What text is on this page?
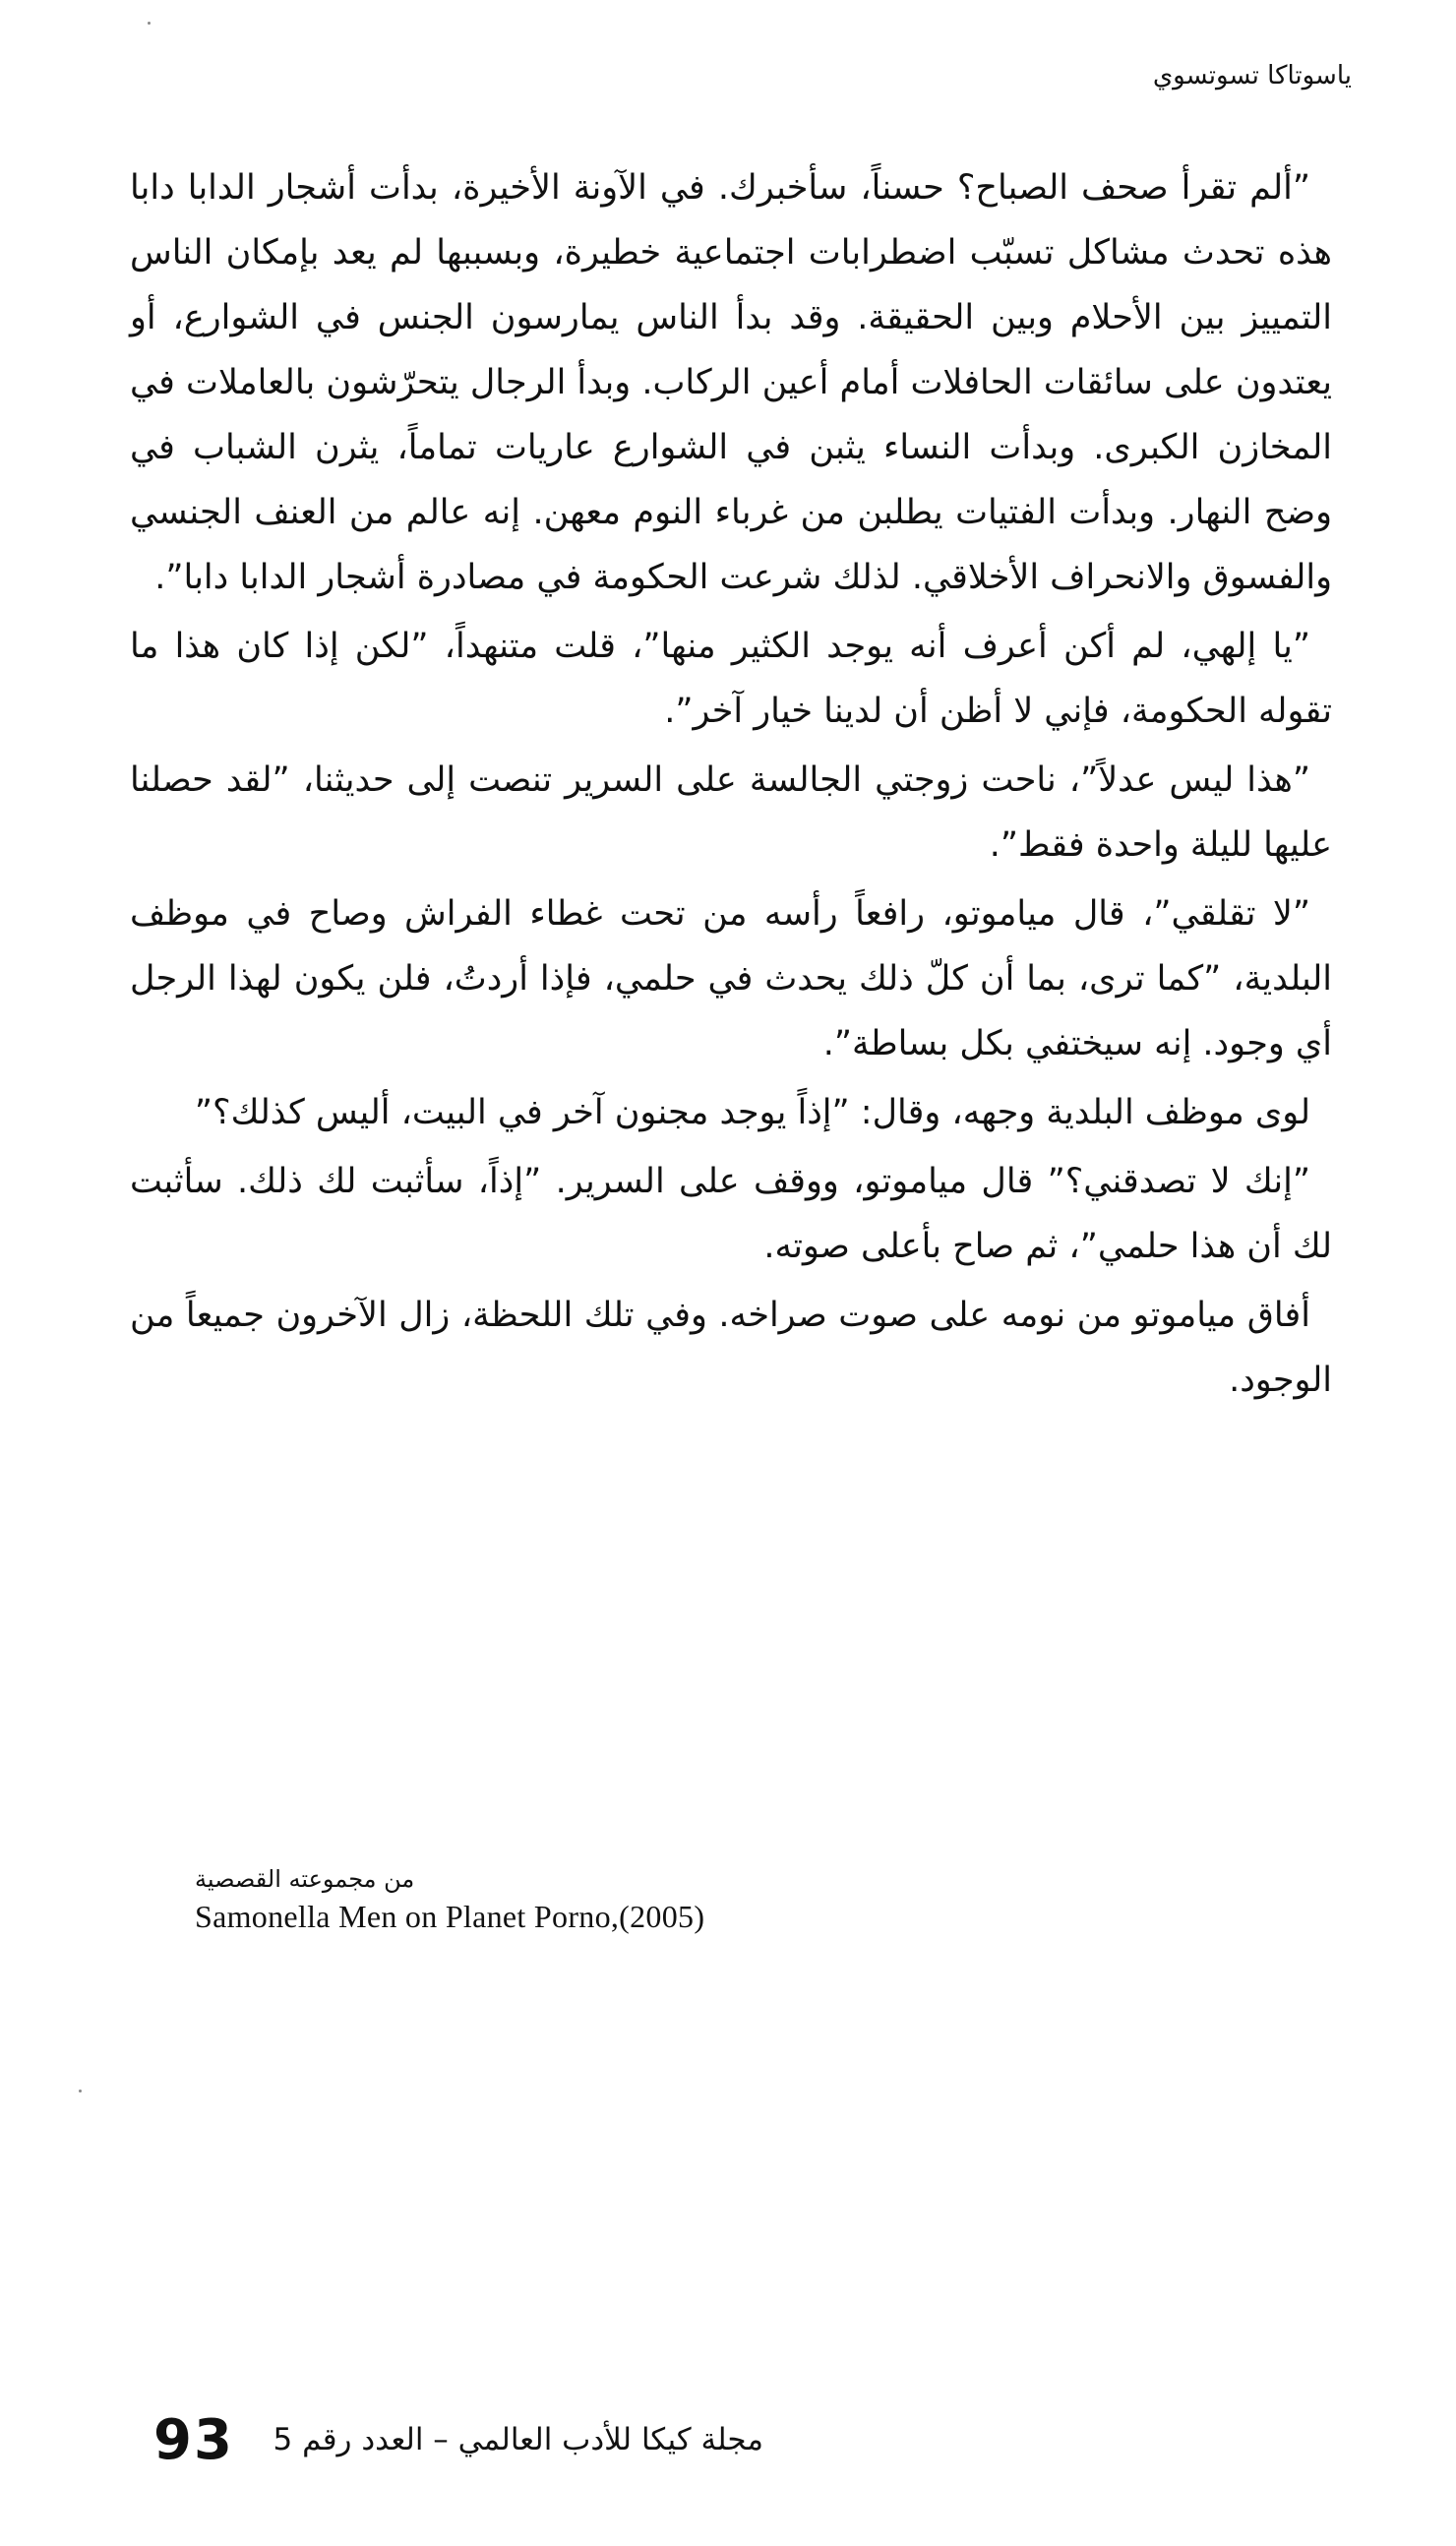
ياسوتاكا تسوتسوي

”ألم تقرأ صحف الصباح؟ حسناً، سأخبرك. في الآونة الأخيرة، بدأت أشجار الدابا دابا هذه تحدث مشاكل تسبّب اضطرابات اجتماعية خطيرة، وبسببها لم يعد بإمكان الناس التمييز بين الأحلام وبين الحقيقة. وقد بدأ الناس يمارسون الجنس في الشوارع، أو يعتدون على سائقات الحافلات أمام أعين الركاب. وبدأ الرجال يتحرّشون بالعاملات في المخازن الكبرى. وبدأت النساء يثبن في الشوارع عاريات تماماً، يثرن الشباب في وضح النهار. وبدأت الفتيات يطلبن من غرباء النوم معهن. إنه عالم من العنف الجنسي والفسوق والانحراف الأخلاقي. لذلك شرعت الحكومة في مصادرة أشجار الدابا دابا”.

”يا إلهي، لم أكن أعرف أنه يوجد الكثير منها”، قلت متنهداً، ”لكن إذا كان هذا ما تقوله الحكومة، فإني لا أظن أن لدينا خيار آخر”.

”هذا ليس عدلاً”، ناحت زوجتي الجالسة على السرير تنصت إلى حديثنا، ”لقد حصلنا عليها لليلة واحدة فقط”.

”لا تقلقي”، قال مياموتو، رافعاً رأسه من تحت غطاء الفراش وصاح في موظف البلدية، ”كما ترى، بما أن كلّ ذلك يحدث في حلمي، فإذا أردتُ، فلن يكون لهذا الرجل أي وجود. إنه سيختفي بكل بساطة”.

لوى موظف البلدية وجهه، وقال: ”إذاً يوجد مجنون آخر في البيت، أليس كذلك؟”

”إنك لا تصدقني؟” قال مياموتو، ووقف على السرير. ”إذاً، سأثبت لك ذلك. سأثبت لك أن هذا حلمي”، ثم صاح بأعلى صوته.

أفاق مياموتو من نومه على صوت صراخه. وفي تلك اللحظة، زال الآخرون جميعاً من الوجود.

من مجموعته القصصية
Samonella Men on Planet Porno,(2005)
93 مجلة كيكا للأدب العالمي – العدد رقم 5
